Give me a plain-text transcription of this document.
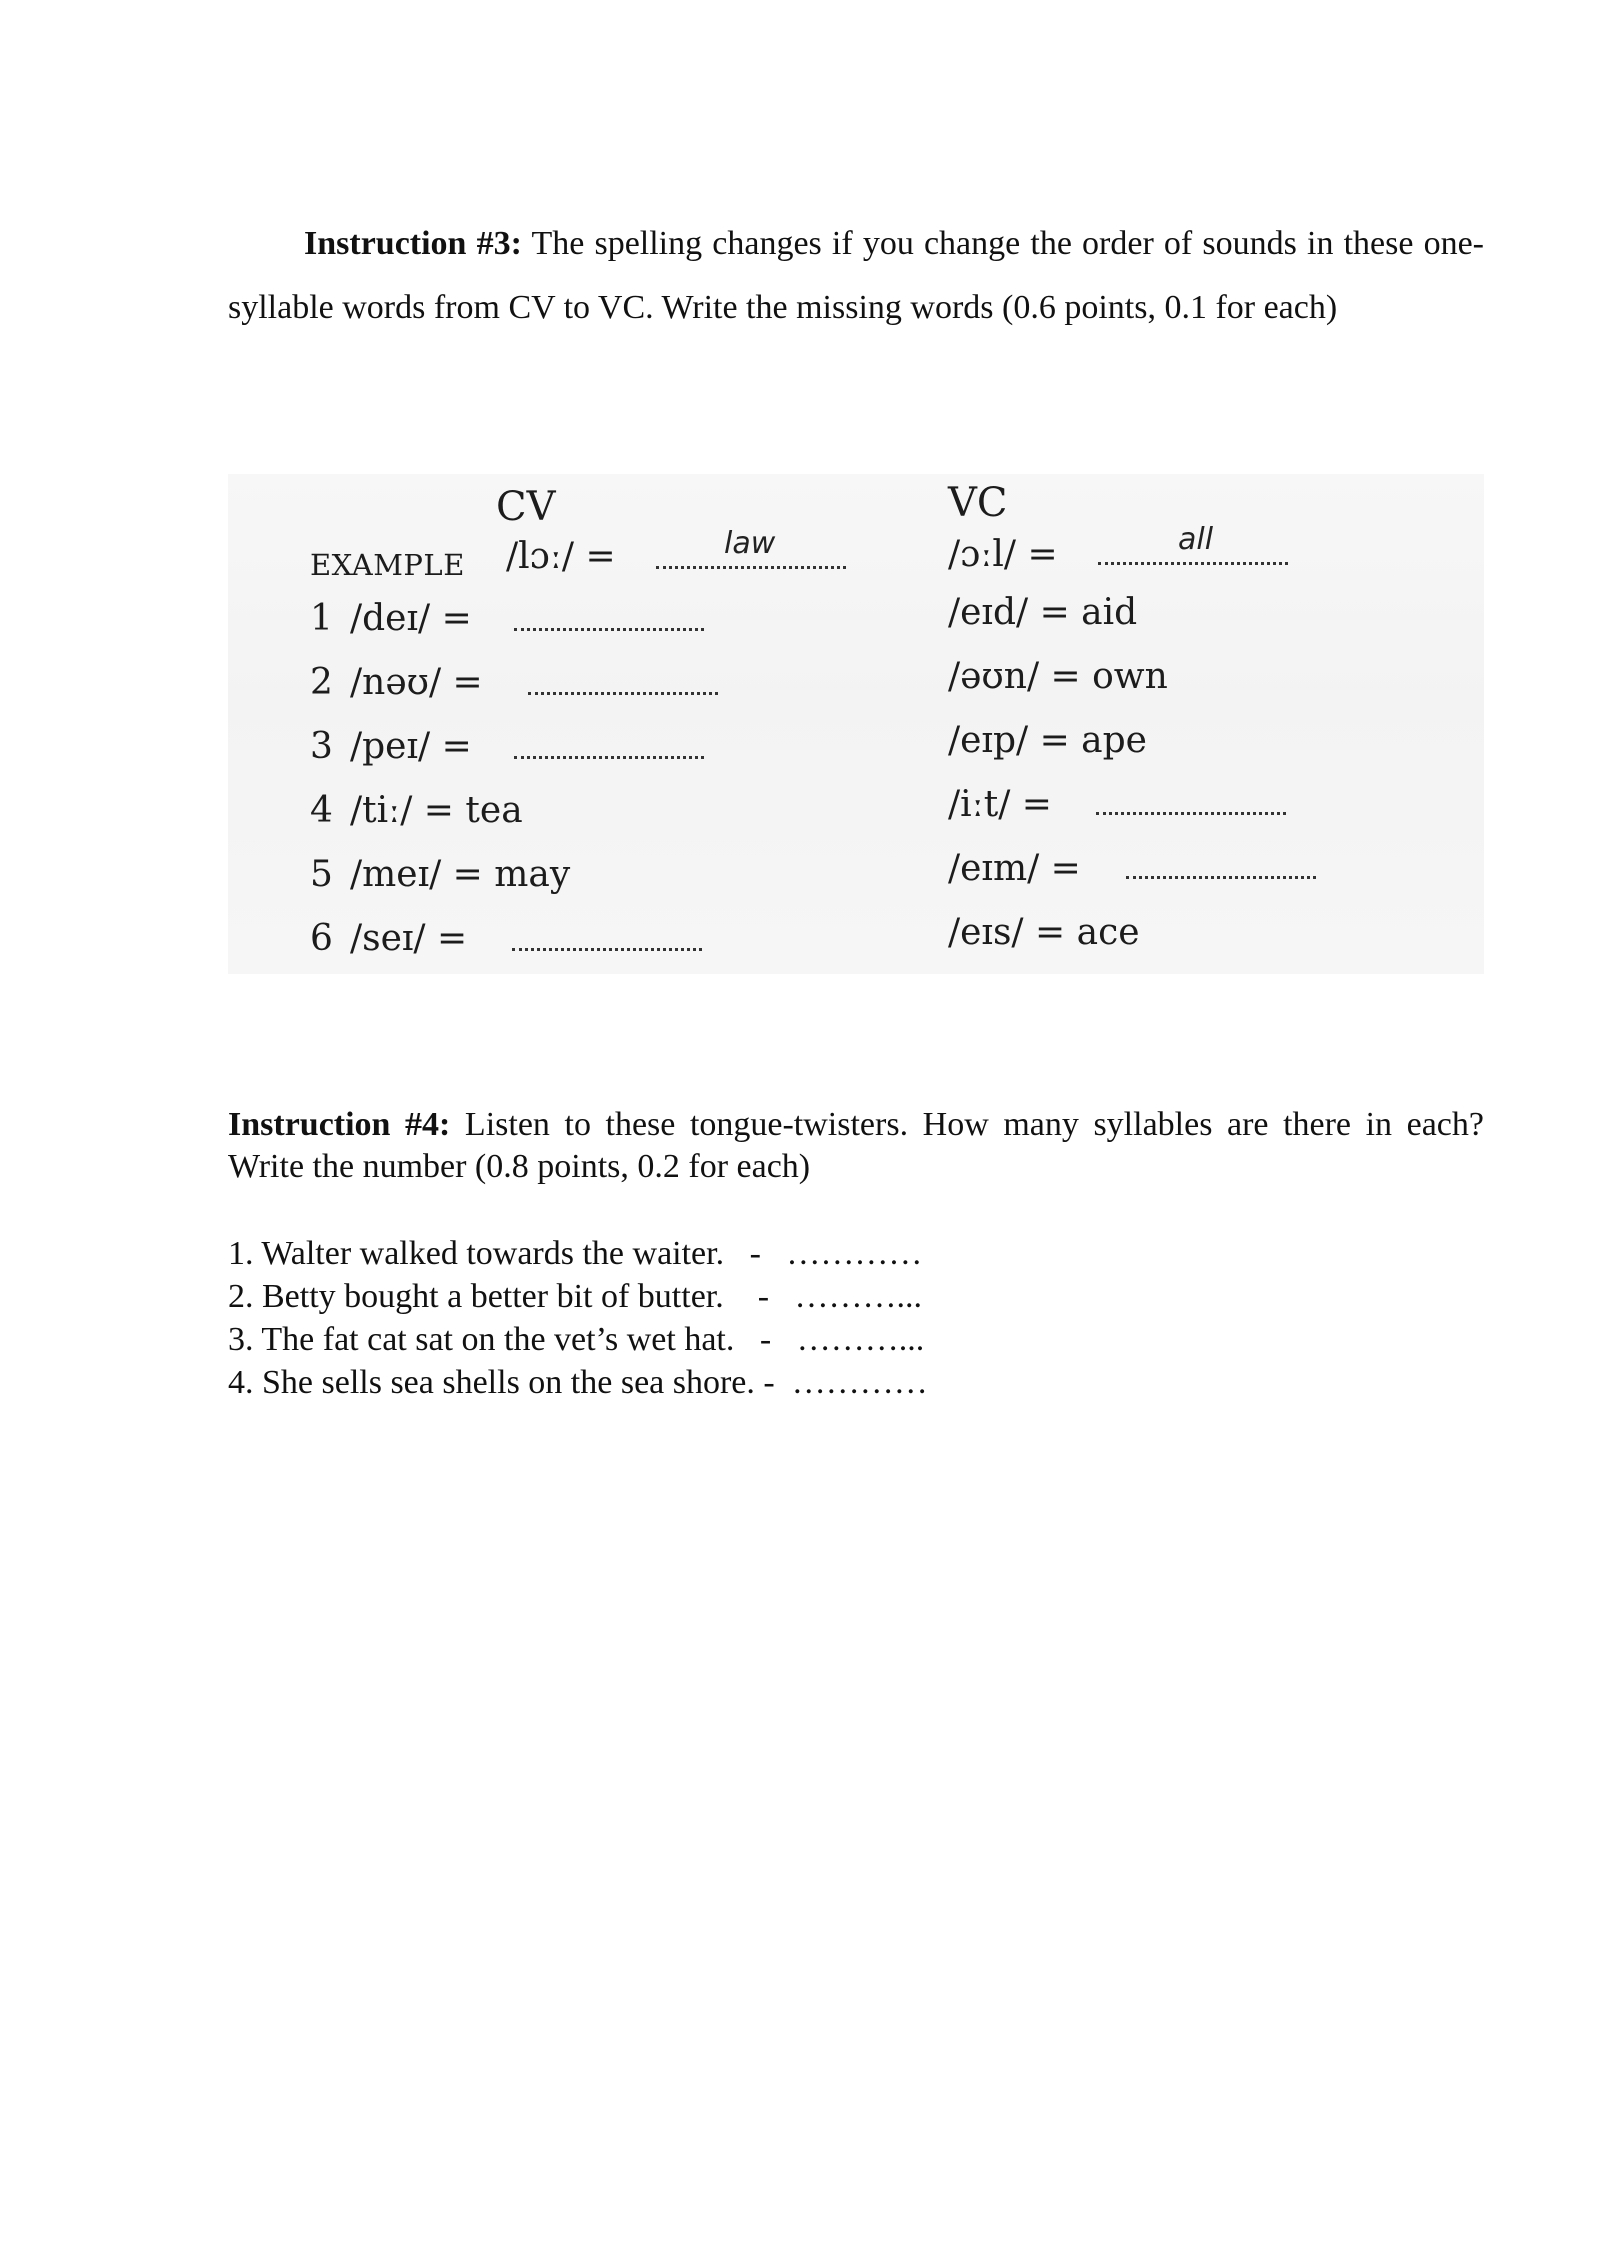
Instruction #3: The spelling changes if you change the order of sounds in these one-syllable words from CV to VC. Write the missing words (0.6 points, 0.1 for each)
CV	VC
EXAMPLE /lɔː/ =	law	/ɔːl/ =	all
1 /deɪ/ =	/eɪd/ = aid
2 /nəʊ/ =	/əʊn/ = own
3 /peɪ/ =	/eɪp/ = ape
4 /tiː/ = tea	/iːt/ =
5 /meɪ/ = may	/eɪm/ =
6 /seɪ/ =	/eɪs/ = ace
Instruction #4: Listen to these tongue-twisters. How many syllables are there in each? Write the number (0.8 points, 0.2 for each)
1. Walter walked towards the waiter.   -   …………
2. Betty bought a better bit of butter.    -   ………...
3. The fat cat sat on the vet’s wet hat.   -   ………...
4. She sells sea shells on the sea shore. -  …………
